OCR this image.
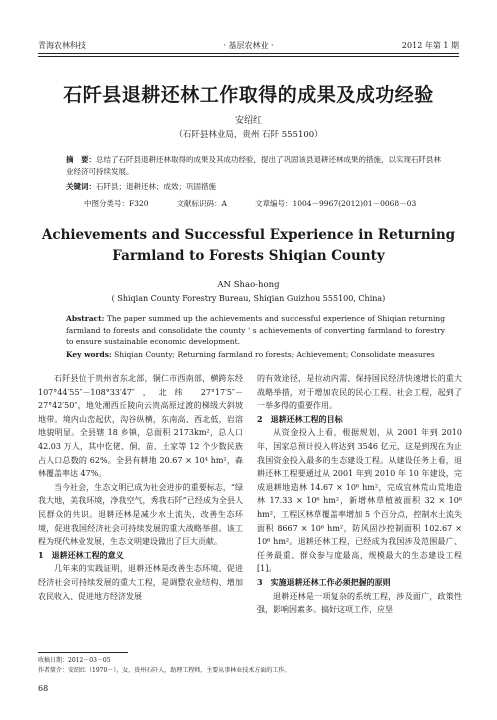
青海农林科技	· 基层农林业 ·	2012 年第 1 期
石阡县退耕还林工作取得的成果及成功经验
安绍红
（石阡县林业局，贵州 石阡 555100）
摘　要：总结了石阡县退耕还林取得的成果及其成功经验，提出了巩固该县退耕还林成果的措施，以实现石阡县林业经济可持续发展。
关键词：石阡县；退耕还林；成效；巩固措施
中图分类号：F320	文献标识码：A	文章编号：1004－9967(2012)01－0068－03
Achievements and Successful Experience in Returning
Farmland to Forests Shiqian County
AN Shao-hong
( Shiqian County Forestry Bureau, Shiqian Guizhou 555100, China)
Abstract: The paper summed up the achievements and successful experience of Shiqian returning farmland to forests and consolidate the county ' s achievements of converting farmland to forestry to ensure sustainable economic development.
Key words: Shiqian County; Returning farmland ro forests; Achievement; Consolidate measures

石阡县位于贵州省东北部，铜仁市西南部，横跨东经 107°44′55″－108°33′47″，北纬 27°17′5″－27°42′50″，地处湘西丘陵向云贵高原过渡的梯级大斜坡地带。境内山峦起伏，沟谷纵横，东南高、西北低，岩溶地貌明显。全县辖 18 乡镇，总面积 2173km²，总人口 42.03 万人，其中仡佬、侗、苗、土家等 12 个少数民族占人口总数的 62%。全县有耕地 20.67 × 10⁴ hm²，森林覆盖率达 47%。

当今社会，生态文明已成为社会进步的重要标志，“绿我大地，美我环境，净我空气，秀我石阡”已经成为全县人民群众的共识。退耕还林是减少水土流失，改善生态环境，促进我国经济社会可持续发展的重大战略举措。该工程为现代林业发展，生态文明建设做出了巨大贡献。

1　退耕还林工程的意义

几年来的实践证明，退耕还林是改善生态环境、促进经济社会可持续发展的重大工程，是调整农业结构、增加农民收入、促进地方经济发展

的有效途径，是拉动内需、保持国民经济快速增长的重大战略举措，对于增加农民的民心工程、社会工程，起到了一举多得的重要作用。

2　退耕还林工程的目标

从资金投入上看，根据规划，从 2001 年到 2010 年，国家总预计投入将达到 3546 亿元，这是到现在为止我国资金投入最多的生态建设工程。从建设任务上看，退耕还林工程要通过从 2001 年到 2010 年 10 年建设，完成退耕地造林 14.67 × 10⁶ hm²，完成宜林荒山荒地造林 17.33 × 10⁶ hm²，新增林草植被面积 32 × 10⁶ hm²，工程区林草覆盖率增加 5 个百分点，控制水土流失面积 8667 × 10⁶ hm²，防风固沙控制面积 102.67 × 10⁶ hm²。退耕还林工程，已经成为我国涉及范围最广、任务最重、群众参与度最高、规模最大的生态建设工程[1]。

3　实施退耕还林工作必须把握的原则

退耕还林是一项复杂的系统工程，涉及面广，政策性强，影响因素多。搞好这项工作，应坚

收稿日期：2012－03－05
作者简介：安绍红（1970－），女，贵州石阡人，助理工程师，主要从事林业技术方面的工作。
68
